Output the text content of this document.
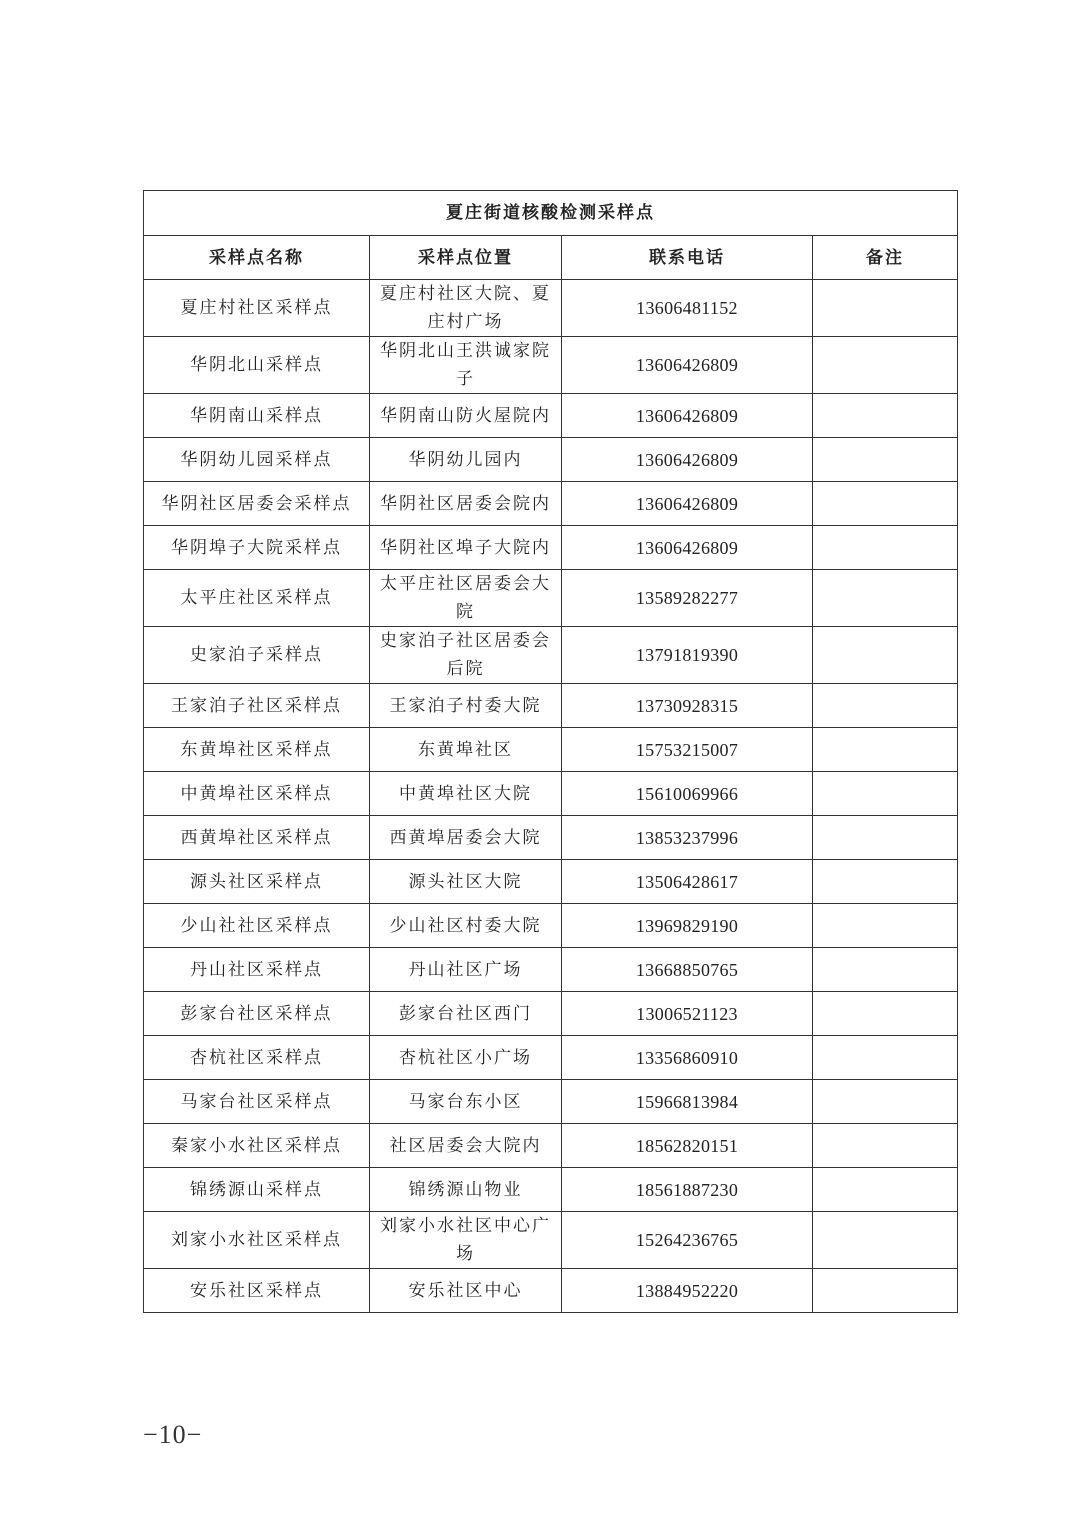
夏庄街道核酸检测采样点			
采样点名称	采样点位置	联系电话	备注
夏庄村社区采样点	夏庄村社区大院、夏庄村广场	13606481152	
华阴北山采样点	华阴北山王洪诚家院子	13606426809	
华阴南山采样点	华阴南山防火屋院内	13606426809	
华阴幼儿园采样点	华阴幼儿园内	13606426809	
华阴社区居委会采样点	华阴社区居委会院内	13606426809	
华阴埠子大院采样点	华阴社区埠子大院内	13606426809	
太平庄社区采样点	太平庄社区居委会大院	13589282277	
史家泊子采样点	史家泊子社区居委会后院	13791819390	
王家泊子社区采样点	王家泊子村委大院	13730928315	
东黄埠社区采样点	东黄埠社区	15753215007	
中黄埠社区采样点	中黄埠社区大院	15610069966	
西黄埠社区采样点	西黄埠居委会大院	13853237996	
源头社区采样点	源头社区大院	13506428617	
少山社社区采样点	少山社区村委大院	13969829190	
丹山社区采样点	丹山社区广场	13668850765	
彭家台社区采样点	彭家台社区西门	13006521123	
杏杭社区采样点	杏杭社区小广场	13356860910	
马家台社区采样点	马家台东小区	15966813984	
秦家小水社区采样点	社区居委会大院内	18562820151	
锦绣源山采样点	锦绣源山物业	18561887230	
刘家小水社区采样点	刘家小水社区中心广场	15264236765	
安乐社区采样点	安乐社区中心	13884952220	
−10−
